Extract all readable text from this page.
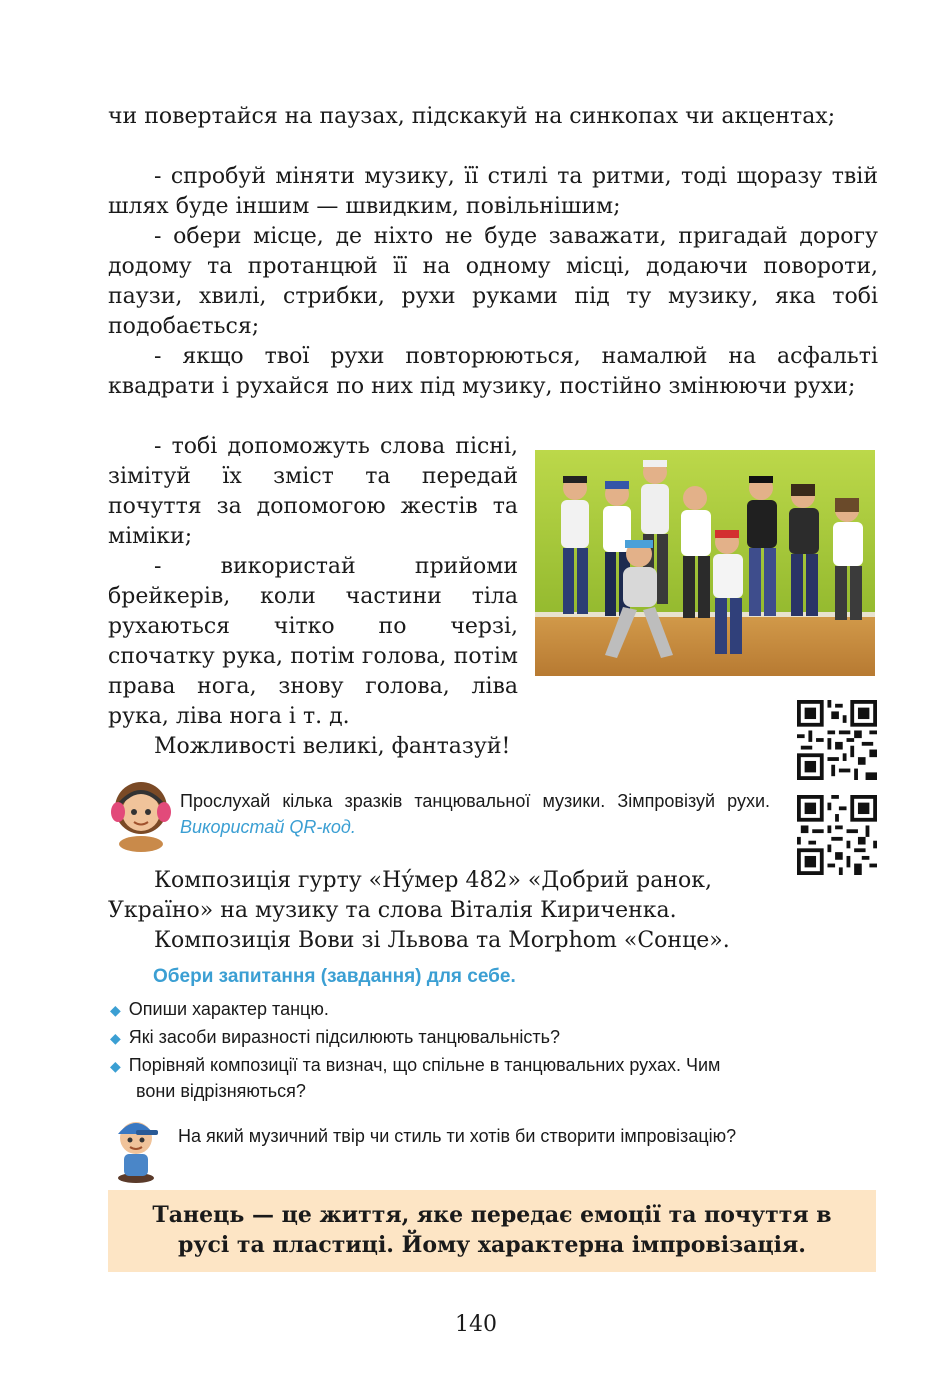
чи повертайся на паузах, підскакуй на синкопах чи акцентах;
- спробуй міняти музику, її стилі та ритми, тоді щоразу твій шлях буде іншим — швидким, повільнішим;
- обери місце, де ніхто не буде заважати, пригадай дорогу додому та протанцюй її на одному місці, додаючи повороти, паузи, хвилі, стрибки, рухи руками під ту музику, яка тобі подобається;
- якщо твої рухи повторюються, намалюй на асфальті квадрати і рухайся по них під музику, постійно змінюючи рухи;
- тобі допоможуть слова пісні, зімітуй їх зміст та передай почуття за допомогою жестів та міміки;
- використай прийоми брейкерів, коли частини тіла рухаються чітко по черзі, спочатку рука, потім голова, потім права нога, знову голова, ліва рука, ліва нога і т. д.
Можливості великі, фантазуй!
Прослухай кілька зразків танцювальної музики. Зімпровізуй рухи. Використай QR-код.
Композиція гурту «Ну́мер 482» «Добрий ранок,
Україно» на музику та слова Віталія Кириченка.
Композиція Вови зі Львова та Morphom «Сонце».
Обери запитання (завдання) для себе.
◆ Опиши характер танцю.
◆ Які засоби виразності підсилюють танцювальність?
◆ Порівняй композиції та визнач, що спільне в танцювальних рухах. Чим
вони відрізняються?
На який музичний твір чи стиль ти хотів би створити імпровізацію?
Танець — це життя, яке передає емоції та почуття в
русі та пластиці. Йому характерна імпровізація.
140
